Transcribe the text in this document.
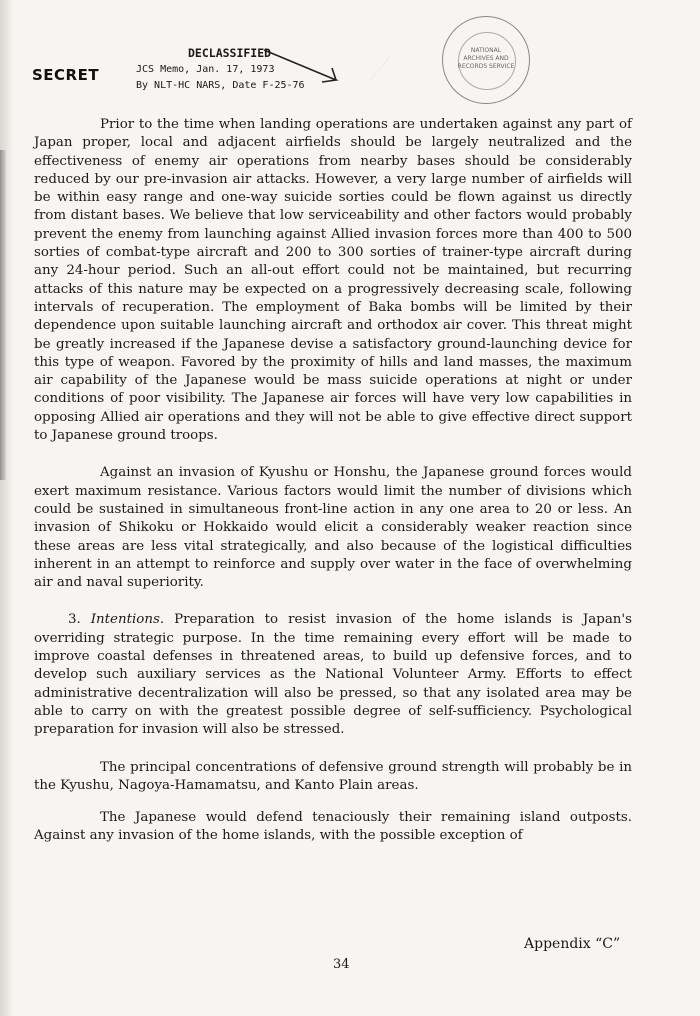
SECRET
DECLASSIFIED
JCS Memo, Jan. 17, 1973
By NLT-HC NARS, Date F-25-76
NATIONAL
ARCHIVES AND
RECORDS SERVICE

Prior to the time when landing operations are undertaken against any part of Japan proper, local and adjacent airfields should be largely neutralized and the effectiveness of enemy air operations from nearby bases should be considerably reduced by our pre-invasion air attacks. However, a very large number of airfields will be within easy range and one-way suicide sorties could be flown against us directly from distant bases. We believe that low serviceability and other factors would probably prevent the enemy from launching against Allied invasion forces more than 400 to 500 sorties of combat-type aircraft and 200 to 300 sorties of trainer-type aircraft during any 24-hour period. Such an all-out effort could not be maintained, but recurring attacks of this nature may be expected on a progressively decreasing scale, following intervals of recuperation. The employment of Baka bombs will be limited by their dependence upon suitable launching aircraft and orthodox air cover. This threat might be greatly increased if the Japanese devise a satisfactory ground-launching device for this type of weapon. Favored by the proximity of hills and land masses, the maximum air capability of the Japanese would be mass suicide operations at night or under conditions of poor visibility. The Japanese air forces will have very low capabilities in opposing Allied air operations and they will not be able to give effective direct support to Japanese ground troops.

Against an invasion of Kyushu or Honshu, the Japanese ground forces would exert maximum resistance. Various factors would limit the number of divisions which could be sustained in simultaneous front-line action in any one area to 20 or less. An invasion of Shikoku or Hokkaido would elicit a considerably weaker reaction since these areas are less vital strategically, and also because of the logistical difficulties inherent in an attempt to reinforce and supply over water in the face of overwhelming air and naval superiority.

3. Intentions. Preparation to resist invasion of the home islands is Japan's overriding strategic purpose. In the time remaining every effort will be made to improve coastal defenses in threatened areas, to build up defensive forces, and to develop such auxiliary services as the National Volunteer Army. Efforts to effect administrative decentralization will also be pressed, so that any isolated area may be able to carry on with the greatest possible degree of self-sufficiency. Psychological preparation for invasion will also be stressed.

The principal concentrations of defensive ground strength will probably be in the Kyushu, Nagoya-Hamamatsu, and Kanto Plain areas.

The Japanese would defend tenaciously their remaining island outposts. Against any invasion of the home islands, with the possible exception of

Appendix “C”
34
